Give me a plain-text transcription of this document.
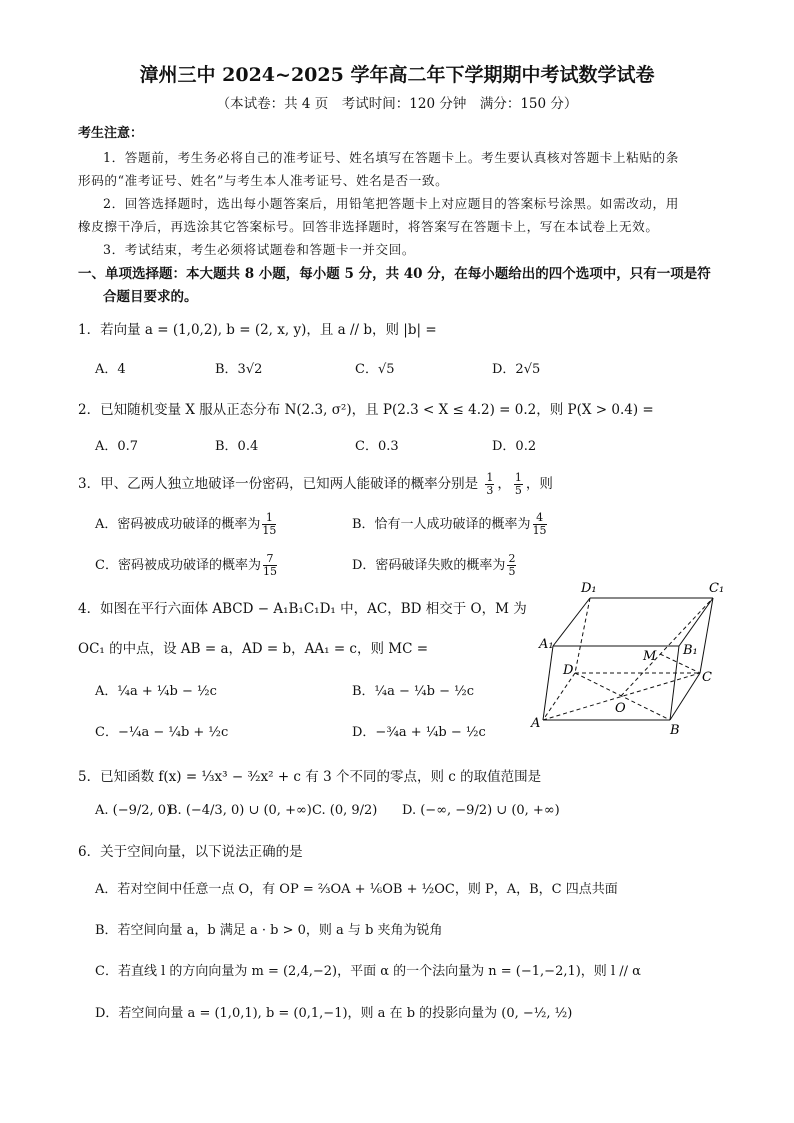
漳州三中 2024~2025 学年高二年下学期期中考试数学试卷
（本试卷：共 4 页　考试时间：120 分钟　满分：150 分）
考生注意：
1．答题前，考生务必将自己的准考证号、姓名填写在答题卡上。考生要认真核对答题卡上粘贴的条
形码的“准考证号、姓名”与考生本人准考证号、姓名是否一致。
2．回答选择题时，选出每小题答案后，用铅笔把答题卡上对应题目的答案标号涂黑。如需改动，用
橡皮擦干净后，再选涂其它答案标号。回答非选择题时，将答案写在答题卡上，写在本试卷上无效。
3．考试结束，考生必须将试题卷和答题卡一并交回。
一、单项选择题：本大题共 8 小题，每小题 5 分，共 40 分，在每小题给出的四个选项中，只有一项是符
合题目要求的。
1．若向量 a = (1,0,2), b = (2, x, y)，且 a // b，则 |b| =
A．4	B．3√2	C．√5	D．2√5
2．已知随机变量 X 服从正态分布 N(2.3, σ²)，且 P(2.3 < X ≤ 4.2) = 0.2，则 P(X > 0.4) =
A．0.7	B．0.4	C．0.3	D．0.2
3．甲、乙两人独立地破译一份密码，已知两人能破译的概率分别是 $\frac{1}{3}$ ， $\frac{1}{5}$ ，则
A．密码被成功破译的概率为 $\frac{1}{15}$	B．恰有一人成功破译的概率为 $\frac{4}{15}$
C．密码被成功破译的概率为 $\frac{7}{15}$	D．密码破译失败的概率为 $\frac{2}{5}$
4．如图在平行六面体 ABCD − A₁B₁C₁D₁ 中，AC，BD 相交于 O，M 为
OC₁ 的中点，设 AB = a，AD = b，AA₁ = c，则 MC =
A．¼a + ¼b − ½c	B．¼a − ¼b − ½c
C．−¼a − ¼b + ½c	D．−¾a + ¼b − ½c
D₁	C₁
A₁	B₁
D
M
C
O
A	B
5．已知函数 f(x) = ⅓x³ − ³⁄₂x² + c 有 3 个不同的零点，则 c 的取值范围是
A. (−9/2, 0)
B. (−4/3, 0) ∪ (0, +∞) C. (0, 9/2) D. (−∞, −9/2) ∪ (0, +∞)
6．关于空间向量，以下说法正确的是
A．若对空间中任意一点 O，有 OP = ⅔OA + ⅙OB + ½OC，则 P，A，B，C 四点共面
B．若空间向量 a，b 满足 a · b > 0，则 a 与 b 夹角为锐角
C．若直线 l 的方向向量为 m = (2,4,−2)，平面 α 的一个法向量为 n = (−1,−2,1)，则 l // α
D．若空间向量 a = (1,0,1), b = (0,1,−1)，则 a 在 b 的投影向量为 (0, −½, ½)
